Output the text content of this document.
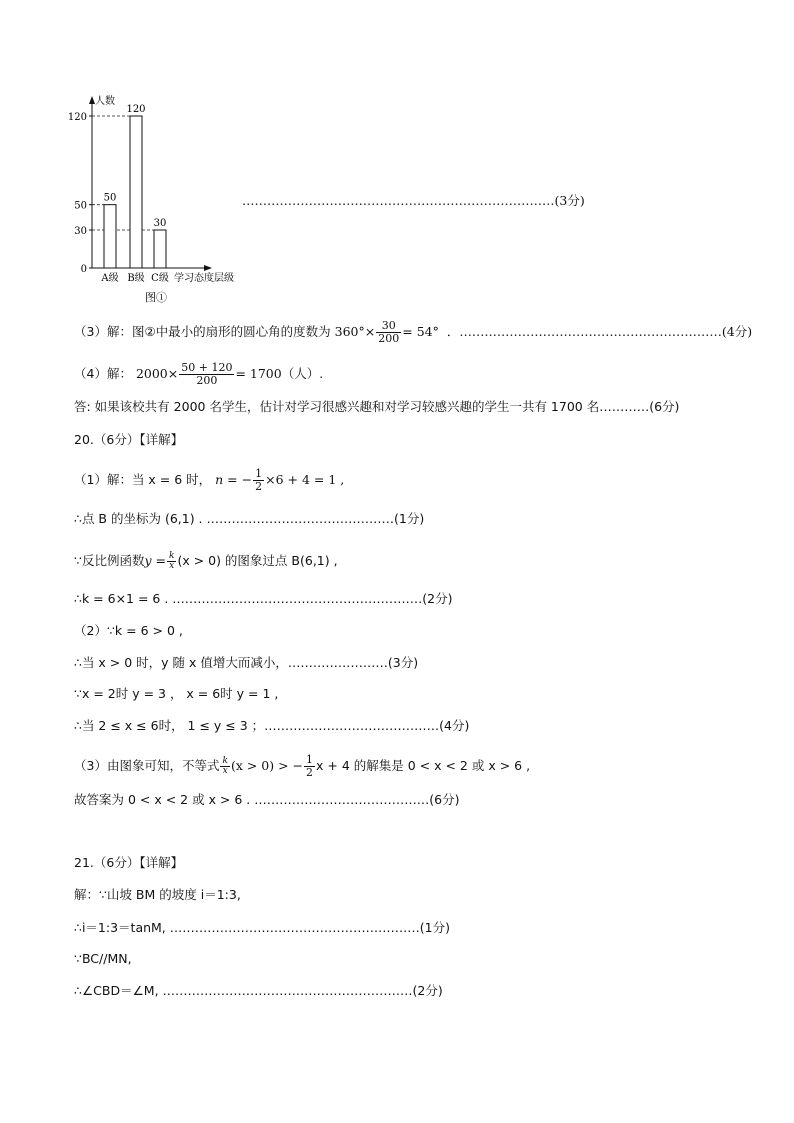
50
A级
120
B级
30
C级
0
30
50
120
人数
学习态度层级
图①
…………………………………………………………………(3分)
（3）解：图②中最小的扇形的圆心角的度数为 $360^\circ\times \frac{30}{200} = 54^\circ$ ．………………………………………………………(4分)
（4）解： $2000\times \frac{50 + 120}{200} = 1700$（人）.
答: 如果该校共有 2000 名学生，估计对学习很感兴趣和对学习较感兴趣的学生一共有 1700 名…………(6分)
20.（6分）【详解】
（1）解：当 x = 6 时， n = − $\frac{1}{2} \times 6 + 4 = 1$ ,
∴点 B 的坐标为 (6,1) . ………………………………………(1分)
∵反比例函数$y = \frac{k}{x} (x > 0)$ 的图象过点 B(6,1) ,
∴k = 6×1 = 6 . ……………………………………………………(2分)
（2）∵k = 6 > 0 ,
∴当 x > 0 时，y 随 x 值增大而减小，……………………(3分)
∵x = 2时 y = 3 ， x = 6时 y = 1 ,
∴当 2 ≤ x ≤ 6时， 1 ≤ y ≤ 3 ；……………………………………(4分)
（3）由图象可知，不等式 $\frac{k}{x} (x > 0)$ > − $\frac{1}{2}$ x + 4 的解集是 0 < x < 2 或 x > 6 ,
故答案为 0 < x < 2 或 x > 6 . ……………………………………(6分)
21.（6分）【详解】
解：∵山坡 BM 的坡度 i＝1:3,
∴i＝1:3＝tanM, ……………………………………………………(1分)
∵BC//MN,
∴∠CBD＝∠M, ……………………………………………………(2分)
